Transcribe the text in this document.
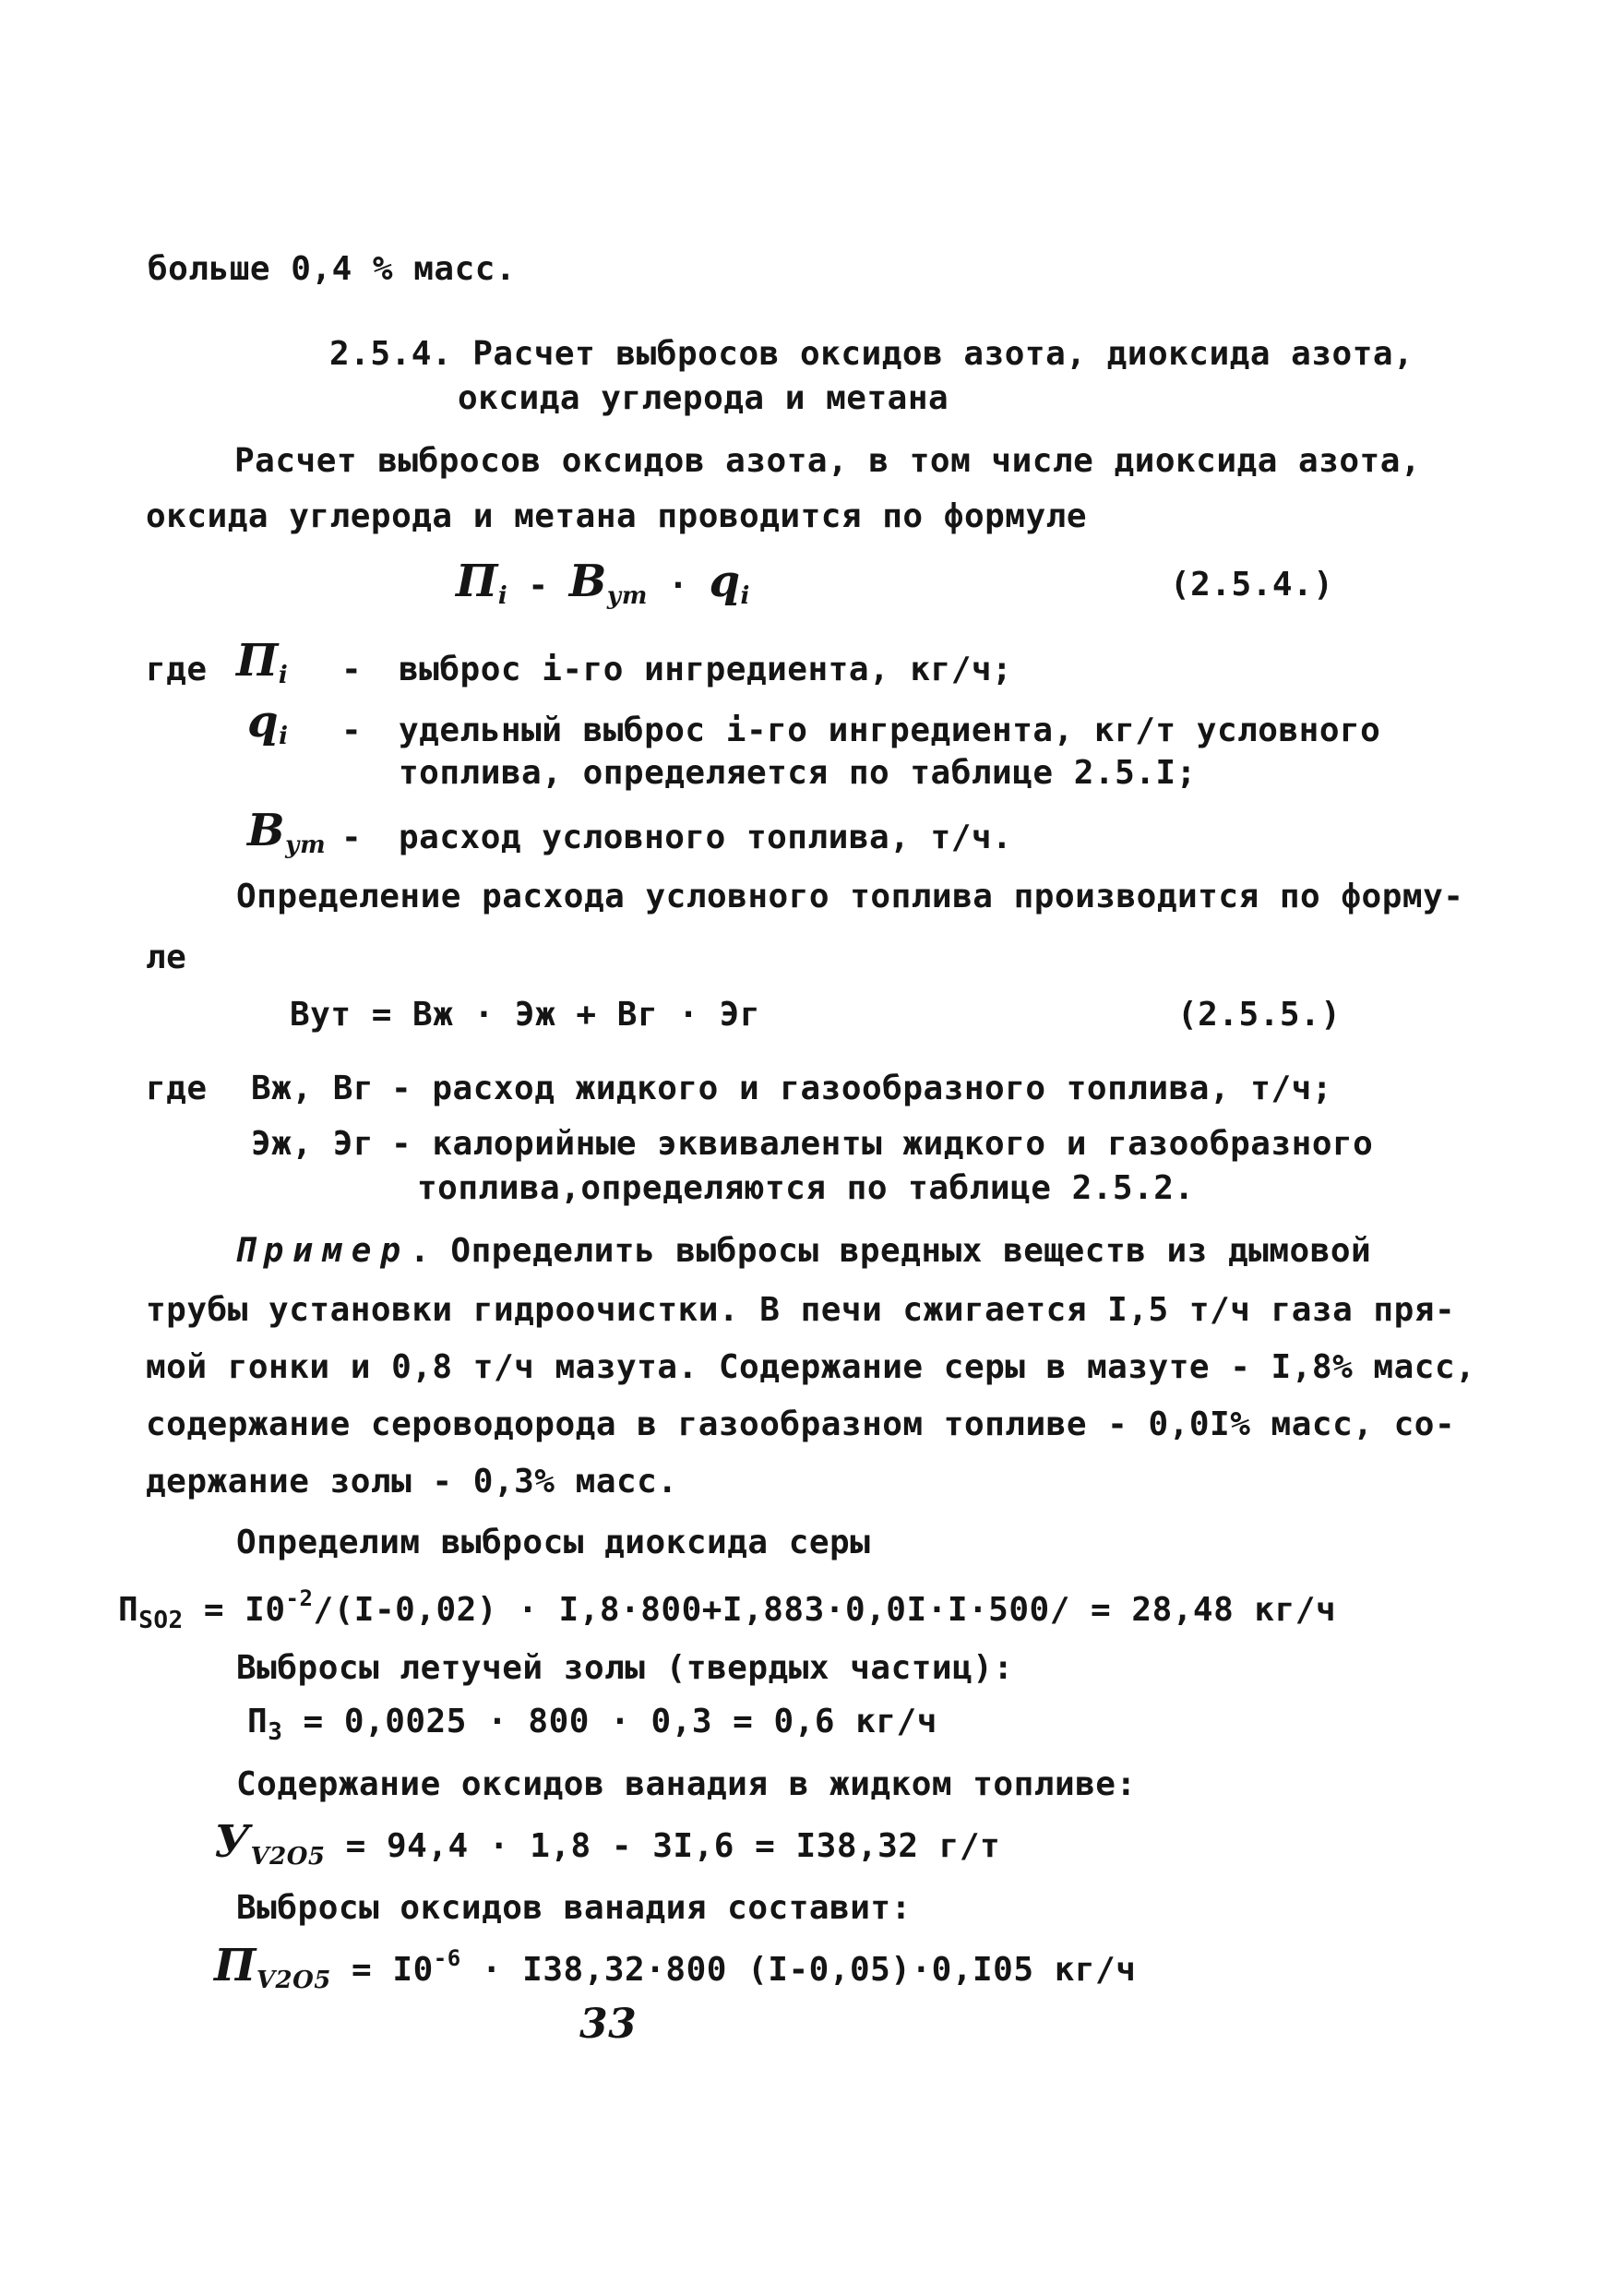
больше 0,4 % масс.
2.5.4. Расчет выбросов оксидов азота, диоксида азота,
оксида углерода и метана
Расчет выбросов оксидов азота, в том числе диоксида азота,
оксида углерода и метана проводится по формуле
$П_i - B_{ут} \cdot q_i$	(2.5.4.)
где $П_i$ - выброс i-го ингредиента, кг/ч;
$q_i$ - удельный выброс i-го ингредиента, кг/т условного
топлива, определяется по таблице 2.5.I;
$B_{ут}$ - расход условного топлива, т/ч.
Определение расхода условного топлива производится по форму-
ле
Вут = Вж · Эж + Вг · Эг	(2.5.5.)
где Вж, Вг - расход жидкого и газообразного топлива, т/ч;
Эж, Эг - калорийные эквиваленты жидкого и газообразного
топлива,определяются по таблице 2.5.2.
Пример. Определить выбросы вредных веществ из дымовой
трубы установки гидроочистки. В печи сжигается I,5 т/ч газа пря-
мой гонки и 0,8 т/ч мазута. Содержание серы в мазуте - I,8% масс,
содержание сероводорода в газообразном топливе - 0,0I% масс, со-
держание золы - 0,3% масс.
Определим выбросы диоксида серы
$П_{SO2} = I0^{-2}/(I-0,02) \cdot I,8\cdot 800+I,883\cdot 0,0I\cdot I\cdot 500/ = 28,48$ кг/ч
Выбросы летучей золы (твердых частиц):
$П_З = 0,0025 \cdot 800 \cdot 0,3 = 0,6$ кг/ч
Содержание оксидов ванадия в жидком топливе:
$У_{V2O5} = 94,4 \cdot 1,8 - 3I,6 = I38,32$ г/т
Выбросы оксидов ванадия составит:
$П_{V2O5} = I0^{-6} \cdot I38,32\cdot 800$ (I-0,05)·0,I05 кг/ч
33
